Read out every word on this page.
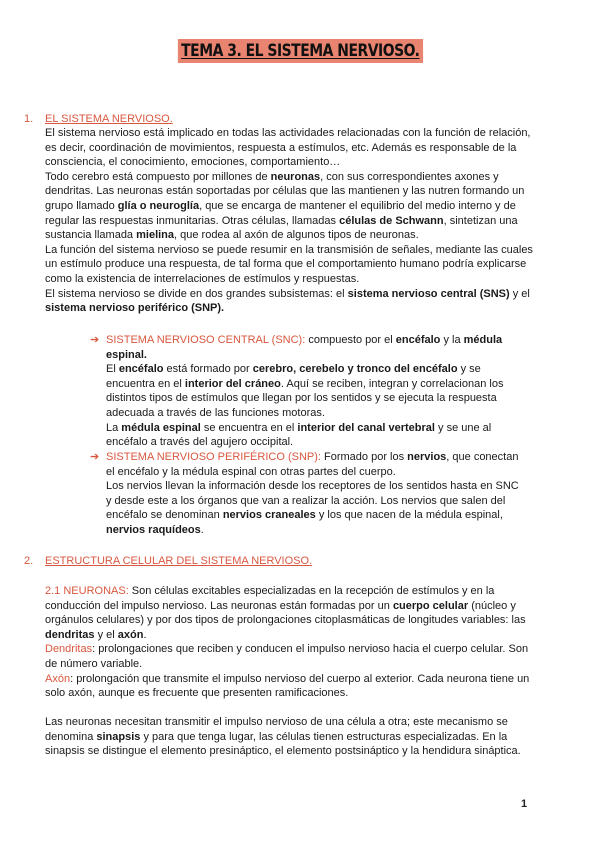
TEMA 3. EL SISTEMA NERVIOSO.
1. EL SISTEMA NERVIOSO.

El sistema nervioso está implicado en todas las actividades relacionadas con la función de relación, es decir, coordinación de movimientos, respuesta a estímulos, etc. Además es responsable de la consciencia, el conocimiento, emociones, comportamiento…

Todo cerebro está compuesto por millones de neuronas, con sus correspondientes axones y dendritas. Las neuronas están soportadas por células que las mantienen y las nutren formando un grupo llamado glía o neuroglía, que se encarga de mantener el equilibrio del medio interno y de regular las respuestas inmunitarias. Otras células, llamadas células de Schwann, sintetizan una sustancia llamada mielina, que rodea al axón de algunos tipos de neuronas.

La función del sistema nervioso se puede resumir en la transmisión de señales, mediante las cuales un estímulo produce una respuesta, de tal forma que el comportamiento humano podría explicarse como la existencia de interrelaciones de estímulos y respuestas.

El sistema nervioso se divide en dos grandes subsistemas: el sistema nervioso central (SNS) y el sistema nervioso periférico (SNP).

➔ SISTEMA NERVIOSO CENTRAL (SNC): compuesto por el encéfalo y la médula espinal.

El encéfalo está formado por cerebro, cerebelo y tronco del encéfalo y se encuentra en el interior del cráneo. Aquí se reciben, integran y correlacionan los distintos tipos de estímulos que llegan por los sentidos y se ejecuta la respuesta adecuada a través de las funciones motoras.

La médula espinal se encuentra en el interior del canal vertebral y se une al encéfalo a través del agujero occipital.

➔ SISTEMA NERVIOSO PERIFÉRICO (SNP): Formado por los nervios, que conectan el encéfalo y la médula espinal con otras partes del cuerpo.

Los nervios llevan la información desde los receptores de los sentidos hasta en SNC y desde este a los órganos que van a realizar la acción. Los nervios que salen del encéfalo se denominan nervios craneales y los que nacen de la médula espinal, nervios raquídeos.

2. ESTRUCTURA CELULAR DEL SISTEMA NERVIOSO.

2.1 NEURONAS: Son células excitables especializadas en la recepción de estímulos y en la conducción del impulso nervioso. Las neuronas están formadas por un cuerpo celular (núcleo y orgánulos celulares) y por dos tipos de prolongaciones citoplasmáticas de longitudes variables: las dendritas y el axón.

Dendritas: prolongaciones que reciben y conducen el impulso nervioso hacia el cuerpo celular. Son de número variable.

Axón: prolongación que transmite el impulso nervioso del cuerpo al exterior. Cada neurona tiene un solo axón, aunque es frecuente que presenten ramificaciones.

Las neuronas necesitan transmitir el impulso nervioso de una célula a otra; este mecanismo se denomina sinapsis y para que tenga lugar, las células tienen estructuras especializadas. En la sinapsis se distingue el elemento presináptico, el elemento postsináptico y la hendidura sináptica.

1
